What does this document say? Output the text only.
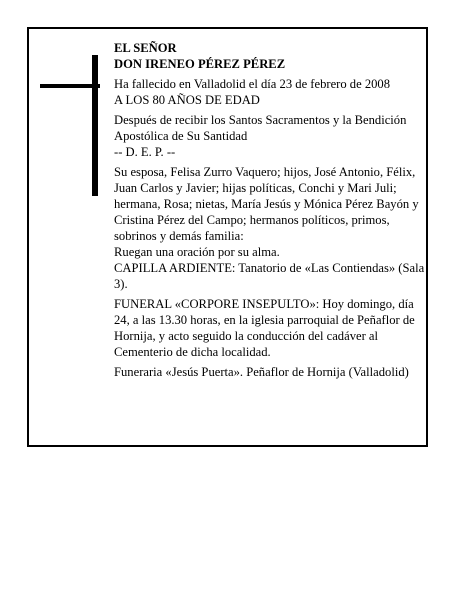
EL SEÑOR

DON IRENEO PÉREZ PÉREZ

Ha fallecido en Valladolid el día 23 de febrero de 2008

A LOS 80 AÑOS DE EDAD

Después de recibir los Santos Sacramentos y la Bendición Apostólica de Su Santidad

-- D. E. P. --

Su esposa, Felisa Zurro Vaquero; hijos, José Antonio, Félix, Juan Carlos y Javier; hijas políticas, Conchi y Mari Juli; hermana, Rosa; nietas, María Jesús y Mónica Pérez Bayón y Cristina Pérez del Campo; hermanos políticos, primos, sobrinos y demás familia:

Ruegan una oración por su alma.

CAPILLA ARDIENTE: Tanatorio de «Las Contiendas» (Sala 3).

FUNERAL «CORPORE INSEPULTO»: Hoy domingo, día 24, a las 13.30 horas, en la iglesia parroquial de Peñaflor de Hornija, y acto seguido la conducción del cadáver al Cementerio de dicha localidad.

Funeraria «Jesús Puerta». Peñaflor de Hornija (Valladolid)
